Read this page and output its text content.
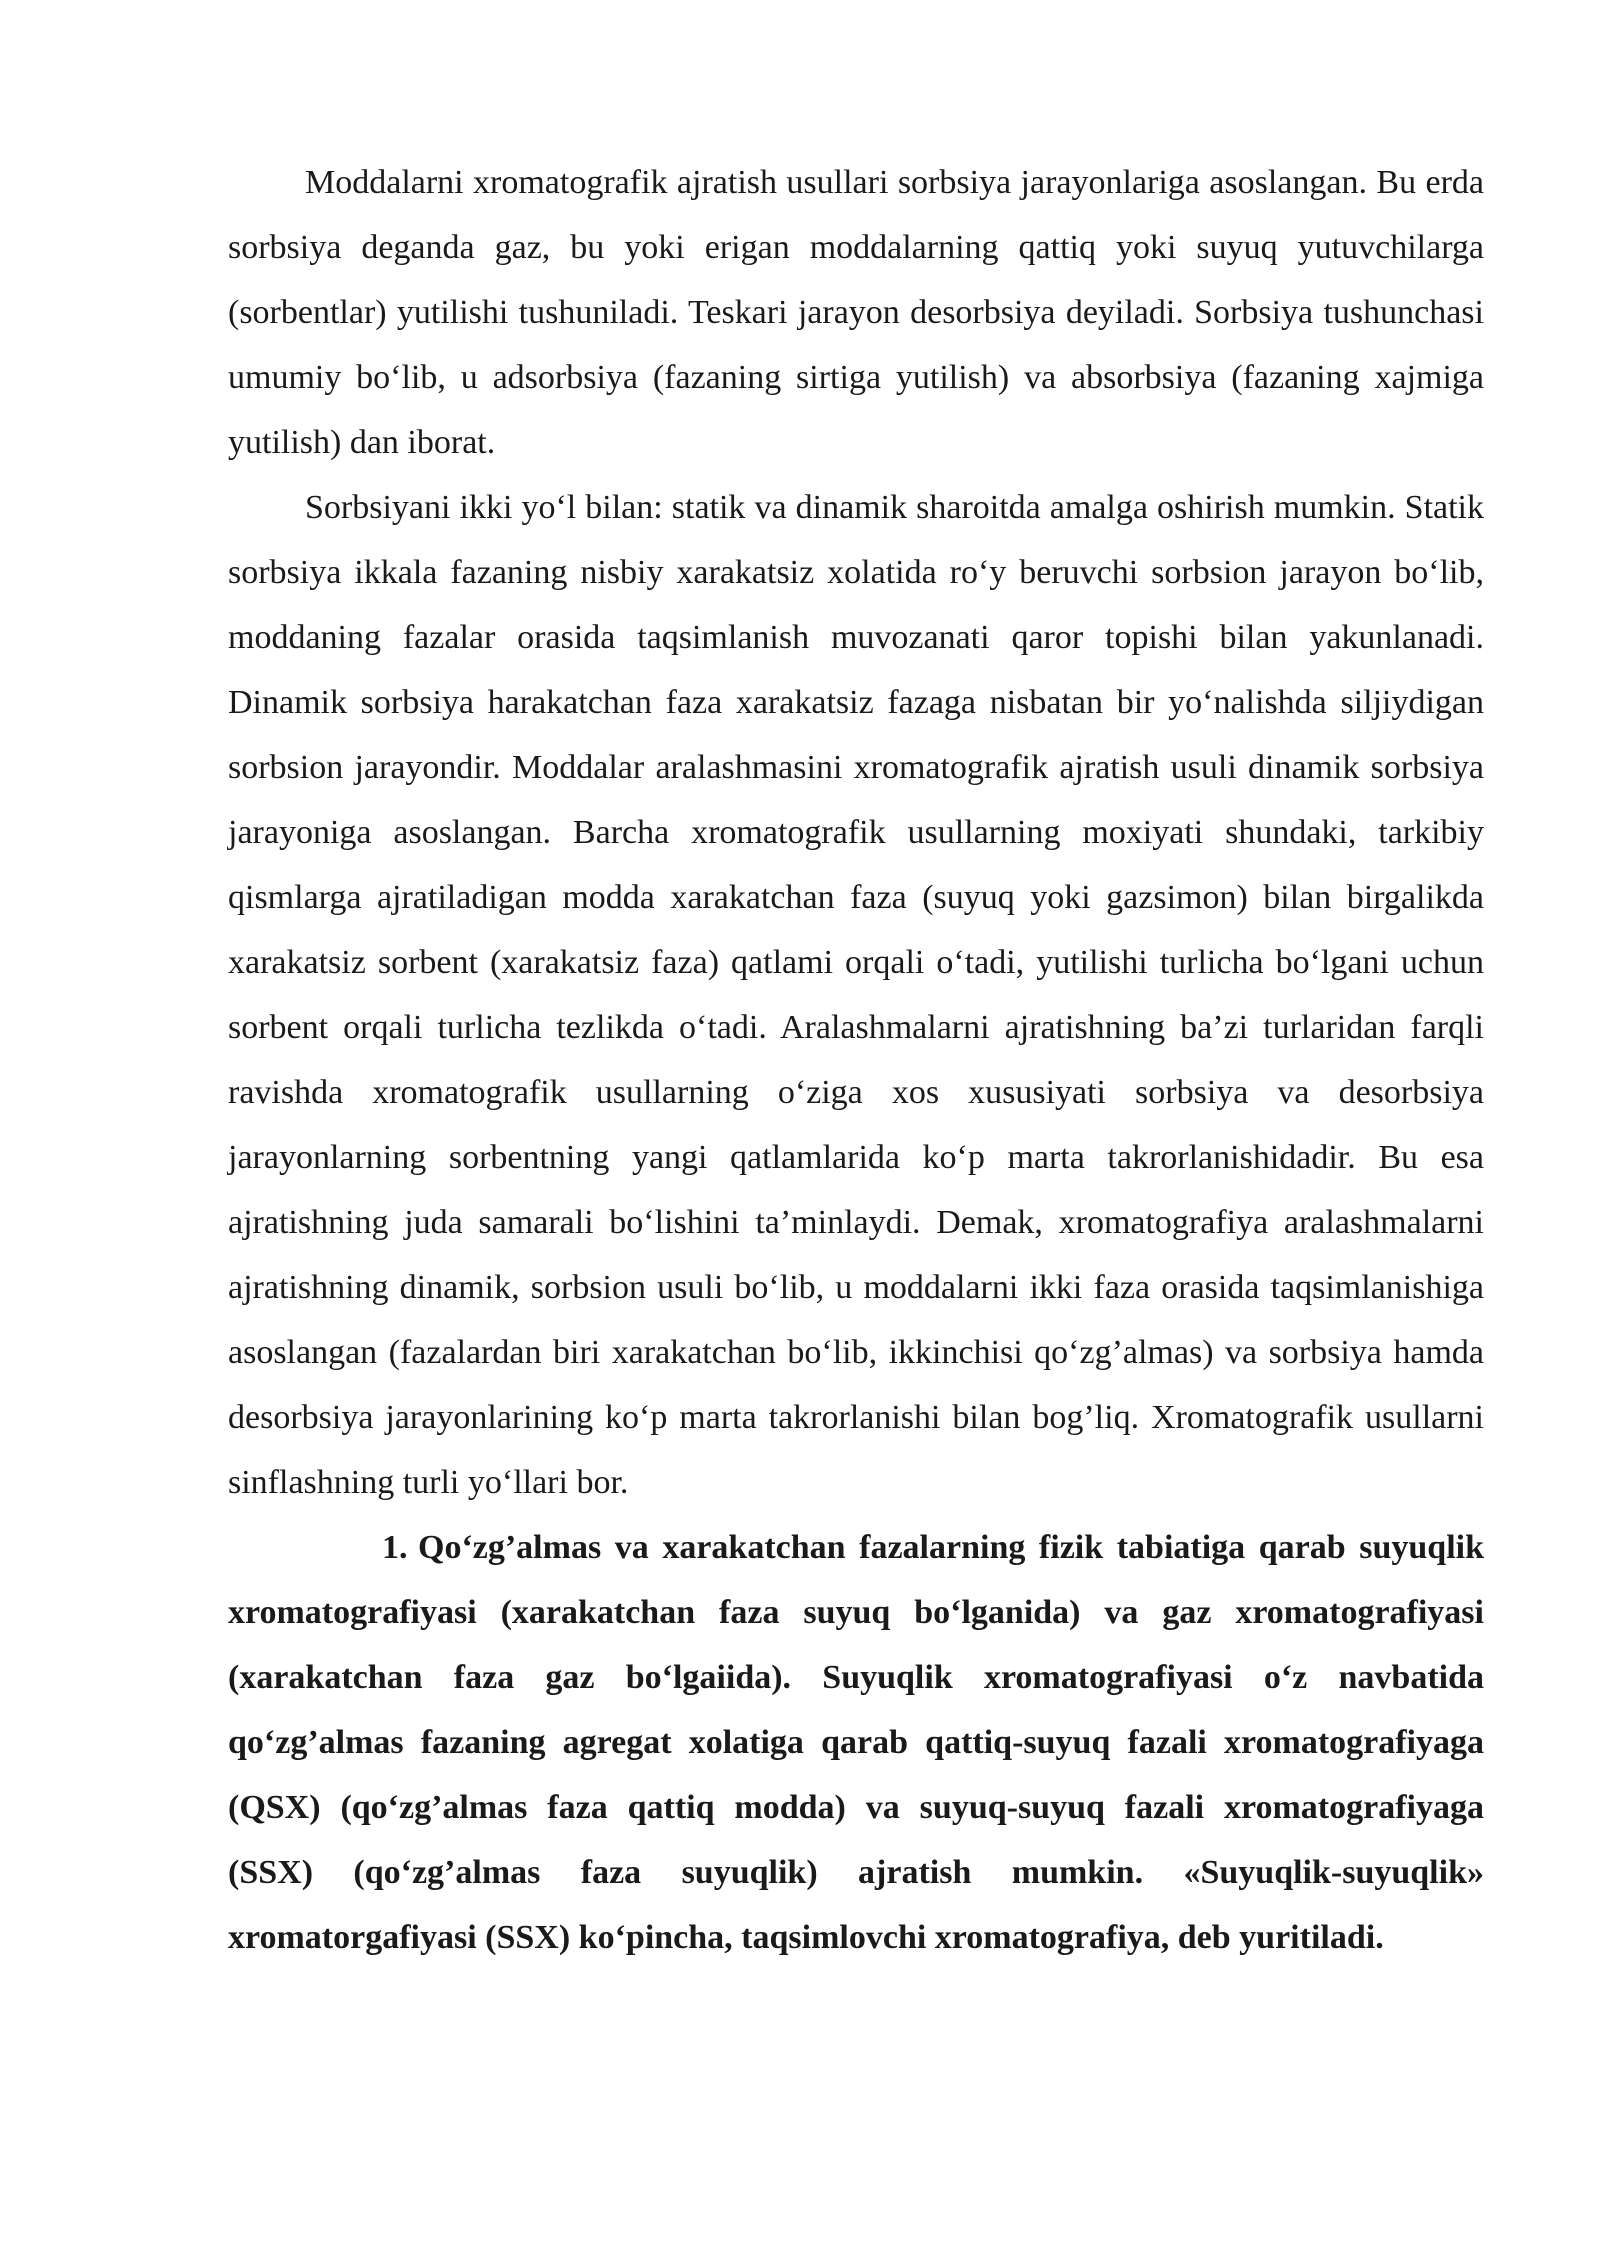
Moddalarni xromatografik ajratish usullari sorbsiya jarayonlariga asoslangan. Bu erda sorbsiya deganda gaz, bu yoki erigan moddalarning qattiq yoki suyuq yutuvchilarga (sorbentlar) yutilishi tushuniladi. Teskari jarayon desorbsiya deyiladi. Sorbsiya tushunchasi umumiy bo‘lib, u adsorbsiya (fazaning sirtiga yutilish) va absorbsiya (fazaning xajmiga yutilish) dan iborat.

Sorbsiyani ikki yo‘l bilan: statik va dinamik sharoitda amalga oshirish mumkin. Statik sorbsiya ikkala fazaning nisbiy xarakatsiz xolatida ro‘y beruvchi sorbsion jarayon bo‘lib, moddaning fazalar orasida taqsimlanish muvozanati qaror topishi bilan yakunlanadi. Dinamik sorbsiya harakatchan faza xarakatsiz fazaga nisbatan bir yo‘nalishda siljiydigan sorbsion jarayondir. Moddalar aralashmasini xromatografik ajratish usuli dinamik sorbsiya jarayoniga asoslangan. Barcha xromatografik usullarning moxiyati shundaki, tarkibiy qismlarga ajratiladigan modda xarakatchan faza (suyuq yoki gazsimon) bilan birgalikda xarakatsiz sorbent (xarakatsiz faza) qatlami orqali o‘tadi, yutilishi turlicha bo‘lgani uchun sorbent orqali turlicha tezlikda o‘tadi. Aralashmalarni ajratishning ba’zi turlaridan farqli ravishda xromatografik usullarning o‘ziga xos xususiyati sorbsiya va desorbsiya jarayonlarning sorbentning yangi qatlamlarida ko‘p marta takrorlanishidadir. Bu esa ajratishning juda samarali bo‘lishini ta’minlaydi. Demak, xromatografiya aralashmalarni ajratishning dinamik, sorbsion usuli bo‘lib, u moddalarni ikki faza orasida taqsimlanishiga asoslangan (fazalardan biri xarakatchan bo‘lib, ikkinchisi qo‘zg’almas) va sorbsiya hamda desorbsiya jarayonlarining ko‘p marta takrorlanishi bilan bog’liq. Xromatografik usullarni sinflashning turli yo‘llari bor.

1. Qo‘zg’almas va xarakatchan fazalarning fizik tabiatiga qarab suyuqlik xromatografiyasi (xarakatchan faza suyuq bo‘lganida) va gaz xromatografiyasi (xarakatchan faza gaz bo‘lgaiida). Suyuqlik xromatografiyasi o‘z navbatida qo‘zg’almas fazaning agregat xolatiga qarab qattiq-suyuq fazali xromatografiyaga (QSX) (qo‘zg’almas faza qattiq modda) va suyuq-suyuq fazali xromatografiyaga (SSX) (qo‘zg’almas faza suyuqlik) ajratish mumkin. «Suyuqlik-suyuqlik» xromatorgafiyasi (SSX) ko‘pincha, taqsimlovchi xromatografiya, deb yuritiladi.
